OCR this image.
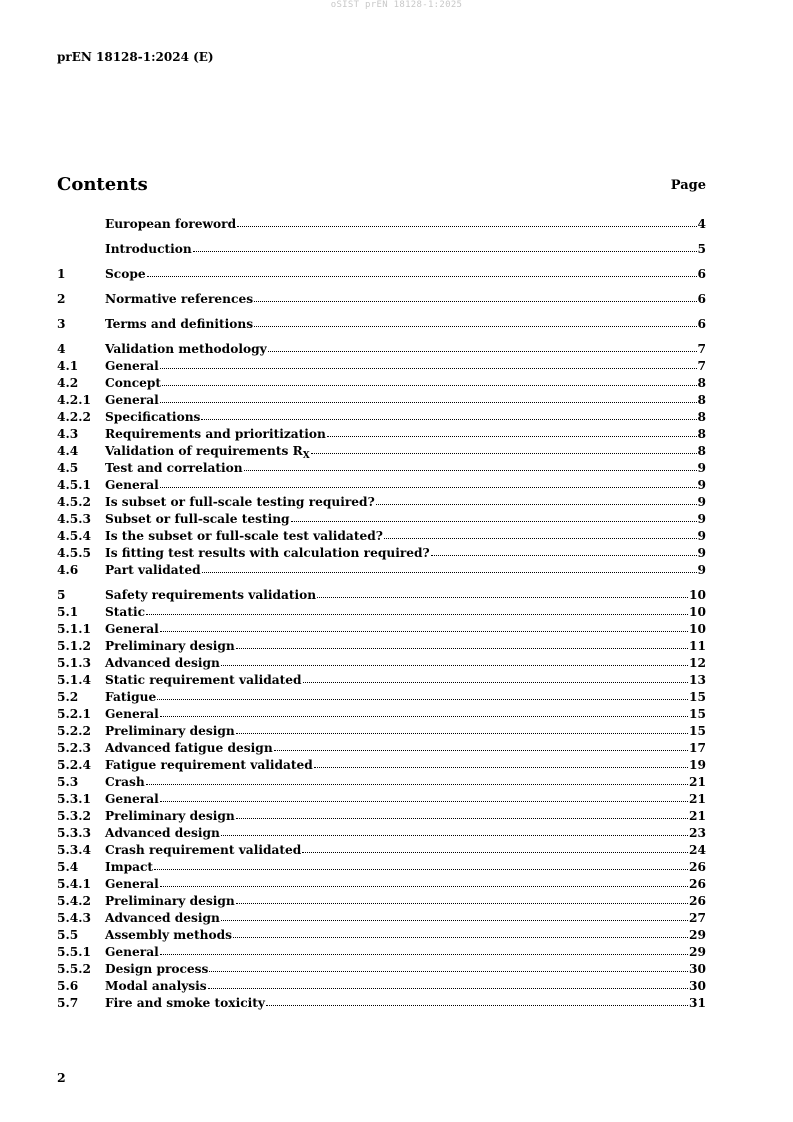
oSIST prEN 18128-1:2025
prEN 18128-1:2024 (E)
Contents	Page
European foreword	4
Introduction	5
1	Scope	6
2	Normative references	6
3	Terms and definitions	6
4	Validation methodology	7
4.1	General	7
4.2	Concept	8
4.2.1	General	8
4.2.2	Specifications	8
4.3	Requirements and prioritization	8
4.4	Validation of requirements $R_X$	8
4.5	Test and correlation	9
4.5.1	General	9
4.5.2	Is subset or full-scale testing required?	9
4.5.3	Subset or full-scale testing	9
4.5.4	Is the subset or full-scale test validated?	9
4.5.5	Is fitting test results with calculation required?	9
4.6	Part validated	9
5	Safety requirements validation	10
5.1	Static	10
5.1.1	General	10
5.1.2	Preliminary design	11
5.1.3	Advanced design	12
5.1.4	Static requirement validated	13
5.2	Fatigue	15
5.2.1	General	15
5.2.2	Preliminary design	15
5.2.3	Advanced fatigue design	17
5.2.4	Fatigue requirement validated	19
5.3	Crash	21
5.3.1	General	21
5.3.2	Preliminary design	21
5.3.3	Advanced design	23
5.3.4	Crash requirement validated	24
5.4	Impact	26
5.4.1	General	26
5.4.2	Preliminary design	26
5.4.3	Advanced design	27
5.5	Assembly methods	29
5.5.1	General	29
5.5.2	Design process	30
5.6	Modal analysis	30
5.7	Fire and smoke toxicity	31
2
